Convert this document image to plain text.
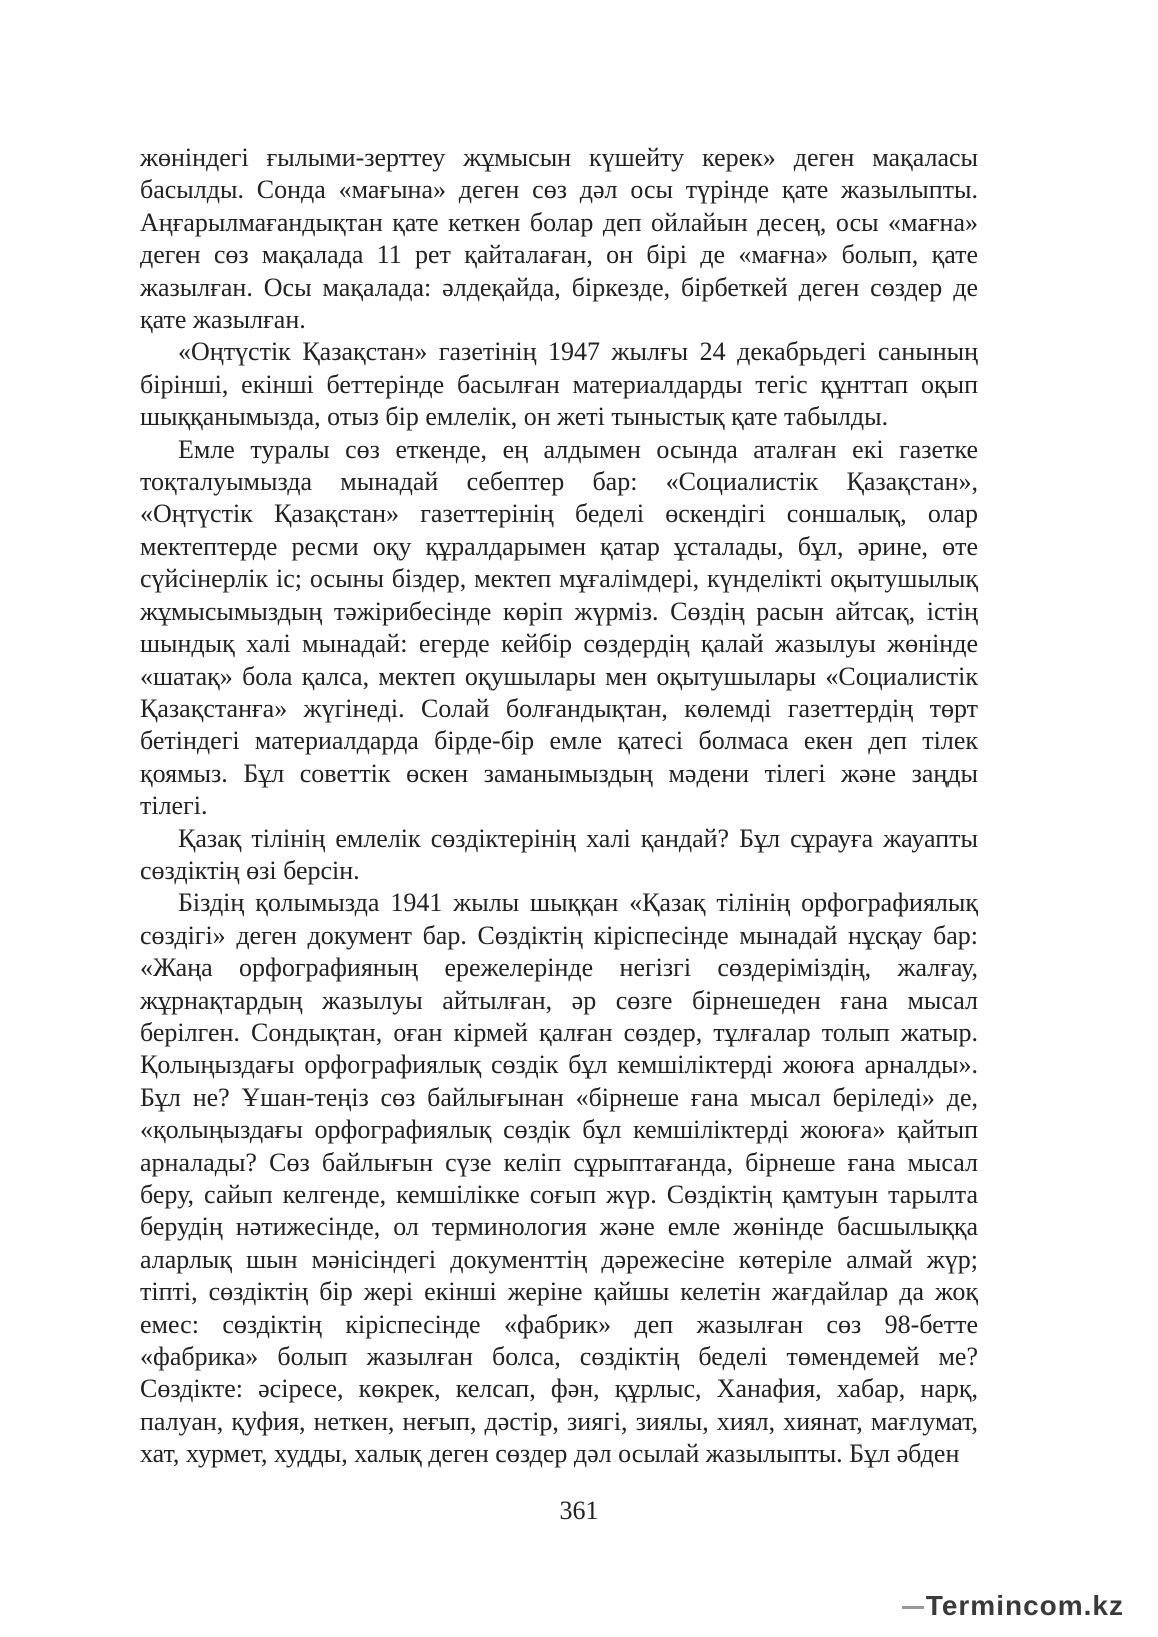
жөніндегі ғылыми-зерттеу жұмысын күшейту керек» деген мақаласы басылды. Сонда «мағына» деген сөз дәл осы түрінде қате жазылыпты. Аңғарылмағандықтан қате кеткен болар деп ойлайын десең, осы «мағна» деген сөз мақалада 11 рет қайталаған, он бірі де «мағна» болып, қате жазылған. Осы мақалада: әлдеқайда, біркезде, бірбеткей деген сөздер де қате жазылған.

«Оңтүстік Қазақстан» газетінің 1947 жылғы 24 декабрьдегі санының бірінші, екінші беттерінде басылған материалдарды тегіс құнттап оқып шыққанымызда, отыз бір емлелік, он жеті тыныстық қате табылды.

Емле туралы сөз еткенде, ең алдымен осында аталған екі газетке тоқталуымызда мынадай себептер бар: «Социалистік Қазақстан», «Оңтүстік Қазақстан» газеттерінің беделі өскендігі соншалық, олар мектептерде ресми оқу құралдарымен қатар ұсталады, бұл, әрине, өте сүйсінерлік іс; осыны біздер, мектеп мұғалімдері, күнделікті оқытушылық жұмысымыздың тәжірибесінде көріп жүрміз. Сөздің расын айтсақ, істің шындық халі мынадай: егерде кейбір сөздердің қалай жазылуы жөнінде «шатақ» бола қалса, мектеп оқушылары мен оқытушылары «Социалистік Қазақстанға» жүгінеді. Солай болғандықтан, көлемді газеттердің төрт бетіндегі материалдарда бірде-бір емле қатесі болмаса екен деп тілек қоямыз. Бұл советтік өскен заманымыздың мәдени тілегі және заңды тілегі.

Қазақ тілінің емлелік сөздіктерінің халі қандай? Бұл сұрауға жауапты сөздіктің өзі берсін.

Біздің қолымызда 1941 жылы шыққан «Қазақ тілінің орфографиялық сөздігі» деген документ бар. Сөздіктің кіріспесінде мынадай нұсқау бар: «Жаңа орфографияның ережелерінде негізгі сөздеріміздің, жалғау, жұрнақтардың жазылуы айтылған, әр сөзге бірнешеден ғана мысал берілген. Сондықтан, оған кірмей қалған сөздер, тұлғалар толып жатыр. Қолыңыздағы орфографиялық сөздік бұл кемшіліктерді жоюға арналды». Бұл не? Ұшан-теңіз сөз байлығынан «бірнеше ғана мысал беріледі» де, «қолыңыздағы орфографиялық сөздік бұл кемшіліктерді жоюға» қайтып арналады? Сөз байлығын сүзе келіп сұрыптағанда, бірнеше ғана мысал беру, сайып келгенде, кемшілікке соғып жүр. Сөздіктің қамтуын тарылта берудің нәтижесінде, ол терминология және емле жөнінде басшылыққа аларлық шын мәнісіндегі документтің дәрежесіне көтеріле алмай жүр; тіпті, сөздіктің бір жері екінші жеріне қайшы келетін жағдайлар да жоқ емес: сөздіктің кіріспесінде «фабрик» деп жазылған сөз 98-бетте «фабрика» болып жазылған болса, сөздіктің беделі төмендемей ме? Сөздікте: әсіресе, көкрек, келсап, фән, құрлыс, Ханафия, хабар, нарқ, палуан, қуфия, неткен, неғып, дәстір, зиягі, зиялы, хиял, хиянат, мағлумат, хат, хурмет, худды, халық деген сөздер дәл осылай жазылыпты. Бұл әбден

361
Termincom.kz
